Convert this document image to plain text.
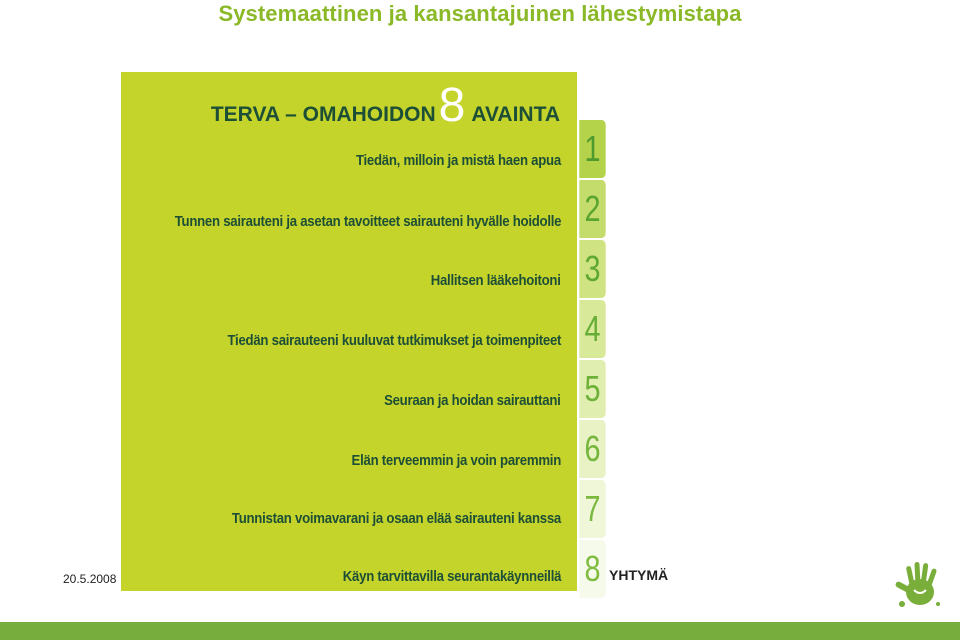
Systemaattinen ja kansantajuinen lähestymistapa
TERVA – OMAHOIDON 8 AVAINTA
Tiedän, milloin ja mistä haen apua
Tunnen sairauteni ja asetan tavoitteet sairauteni hyvälle hoidolle
Hallitsen lääkehoitoni
Tiedän sairauteeni kuuluvat tutkimukset ja toimenpiteet
Seuraan ja hoidan sairauttani
Elän terveemmin ja voin paremmin
Tunnistan voimavarani ja osaan elää sairauteni kanssa
Käyn tarvittavilla seurantakäynneillä
1
2
3
4
5
6
7
8
20.5.2008	YHTYMÄ
